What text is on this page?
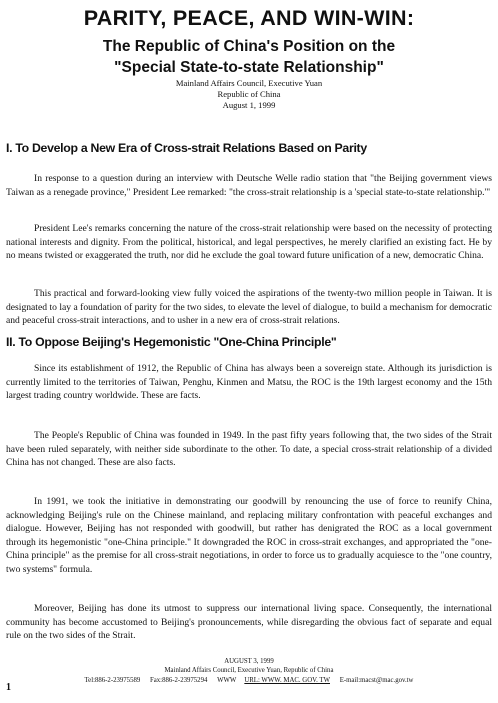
PARITY, PEACE, AND WIN-WIN:
The Republic of China's Position on the
"Special State-to-state Relationship"
Mainland Affairs Council, Executive Yuan
Republic of China
August 1, 1999
I. To Develop a New Era of Cross-strait Relations Based on Parity

In response to a question during an interview with Deutsche Welle radio station that "the Beijing government views Taiwan as a renegade province," President Lee remarked: "the cross-strait relationship is a 'special state-to-state relationship.'"

President Lee's remarks concerning the nature of the cross-strait relationship were based on the necessity of protecting national interests and dignity. From the political, historical, and legal perspectives, he merely clarified an existing fact. He by no means twisted or exaggerated the truth, nor did he exclude the goal toward future unification of a new, democratic China.

This practical and forward-looking view fully voiced the aspirations of the twenty-two million people in Taiwan. It is designated to lay a foundation of parity for the two sides, to elevate the level of dialogue, to build a mechanism for democratic and peaceful cross-strait interactions, and to usher in a new era of cross-strait relations.

II. To Oppose Beijing's Hegemonistic "One-China Principle"

Since its establishment of 1912, the Republic of China has always been a sovereign state. Although its jurisdiction is currently limited to the territories of Taiwan, Penghu, Kinmen and Matsu, the ROC is the 19th largest economy and the 15th largest trading country worldwide. These are facts.

The People's Republic of China was founded in 1949. In the past fifty years following that, the two sides of the Strait have been ruled separately, with neither side subordinate to the other. To date, a special cross-strait relationship of a divided China has not changed. These are also facts.

In 1991, we took the initiative in demonstrating our goodwill by renouncing the use of force to reunify China, acknowledging Beijing's rule on the Chinese mainland, and replacing military confrontation with peaceful exchanges and dialogue. However, Beijing has not responded with goodwill, but rather has denigrated the ROC as a local government through its hegemonistic "one-China principle." It downgraded the ROC in cross-strait exchanges, and appropriated the "one-China principle" as the premise for all cross-strait negotiations, in order to force us to gradually acquiesce to the "one country, two systems" formula.

Moreover, Beijing has done its utmost to suppress our international living space. Consequently, the international community has become accustomed to Beijing's pronouncements, while disregarding the obvious fact of separate and equal rule on the two sides of the Strait.

1
AUGUST 3, 1999
Mainland Affairs Council, Executive Yuan, Republic of China
Tel:886-2-23975589 Fax:886-2-23975294 WWW URL: WWW. MAC. GOV. TW E-mail:macst@mac.gov.tw
